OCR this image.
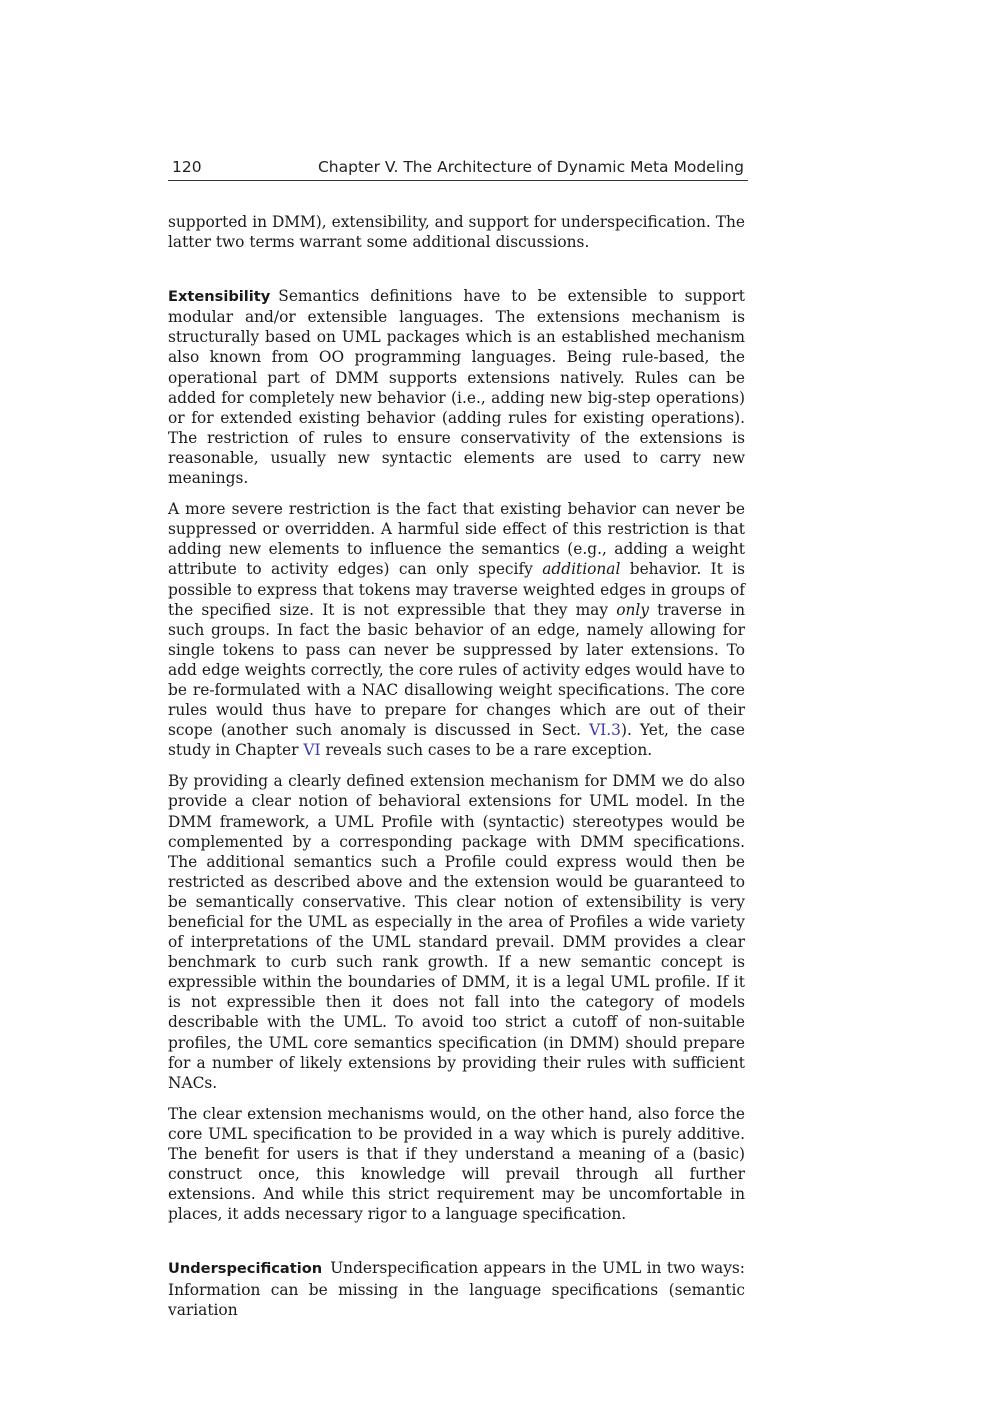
120	Chapter V. The Architecture of Dynamic Meta Modeling

supported in DMM), extensibility, and support for underspecification. The latter two terms warrant some additional discussions.

Extensibility Semantics definitions have to be extensible to support modular and/or extensible languages. The extensions mechanism is structurally based on UML packages which is an established mechanism also known from OO programming languages. Being rule-based, the operational part of DMM supports extensions natively. Rules can be added for completely new behavior (i.e., adding new big-step operations) or for extended existing behavior (adding rules for existing operations). The restriction of rules to ensure conservativity of the extensions is reasonable, usually new syntactic elements are used to carry new meanings.

A more severe restriction is the fact that existing behavior can never be suppressed or overridden. A harmful side effect of this restriction is that adding new elements to influence the semantics (e.g., adding a weight attribute to activity edges) can only specify additional behavior. It is possible to express that tokens may traverse weighted edges in groups of the specified size. It is not expressible that they may only traverse in such groups. In fact the basic behavior of an edge, namely allowing for single tokens to pass can never be suppressed by later extensions. To add edge weights correctly, the core rules of activity edges would have to be re-formulated with a NAC disallowing weight specifications. The core rules would thus have to prepare for changes which are out of their scope (another such anomaly is discussed in Sect. VI.3). Yet, the case study in Chapter VI reveals such cases to be a rare exception.

By providing a clearly defined extension mechanism for DMM we do also provide a clear notion of behavioral extensions for UML model. In the DMM framework, a UML Profile with (syntactic) stereotypes would be complemented by a corresponding package with DMM specifications. The additional semantics such a Profile could express would then be restricted as described above and the extension would be guaranteed to be semantically conservative. This clear notion of extensibility is very beneficial for the UML as especially in the area of Profiles a wide variety of interpretations of the UML standard prevail. DMM provides a clear benchmark to curb such rank growth. If a new semantic concept is expressible within the boundaries of DMM, it is a legal UML profile. If it is not expressible then it does not fall into the category of models describable with the UML. To avoid too strict a cutoff of non-suitable profiles, the UML core semantics specification (in DMM) should prepare for a number of likely extensions by providing their rules with sufficient NACs.

The clear extension mechanisms would, on the other hand, also force the core UML specification to be provided in a way which is purely additive. The benefit for users is that if they understand a meaning of a (basic) construct once, this knowledge will prevail through all further extensions. And while this strict requirement may be uncomfortable in places, it adds necessary rigor to a language specification.

Underspecification Underspecification appears in the UML in two ways: Information can be missing in the language specifications (semantic variation
